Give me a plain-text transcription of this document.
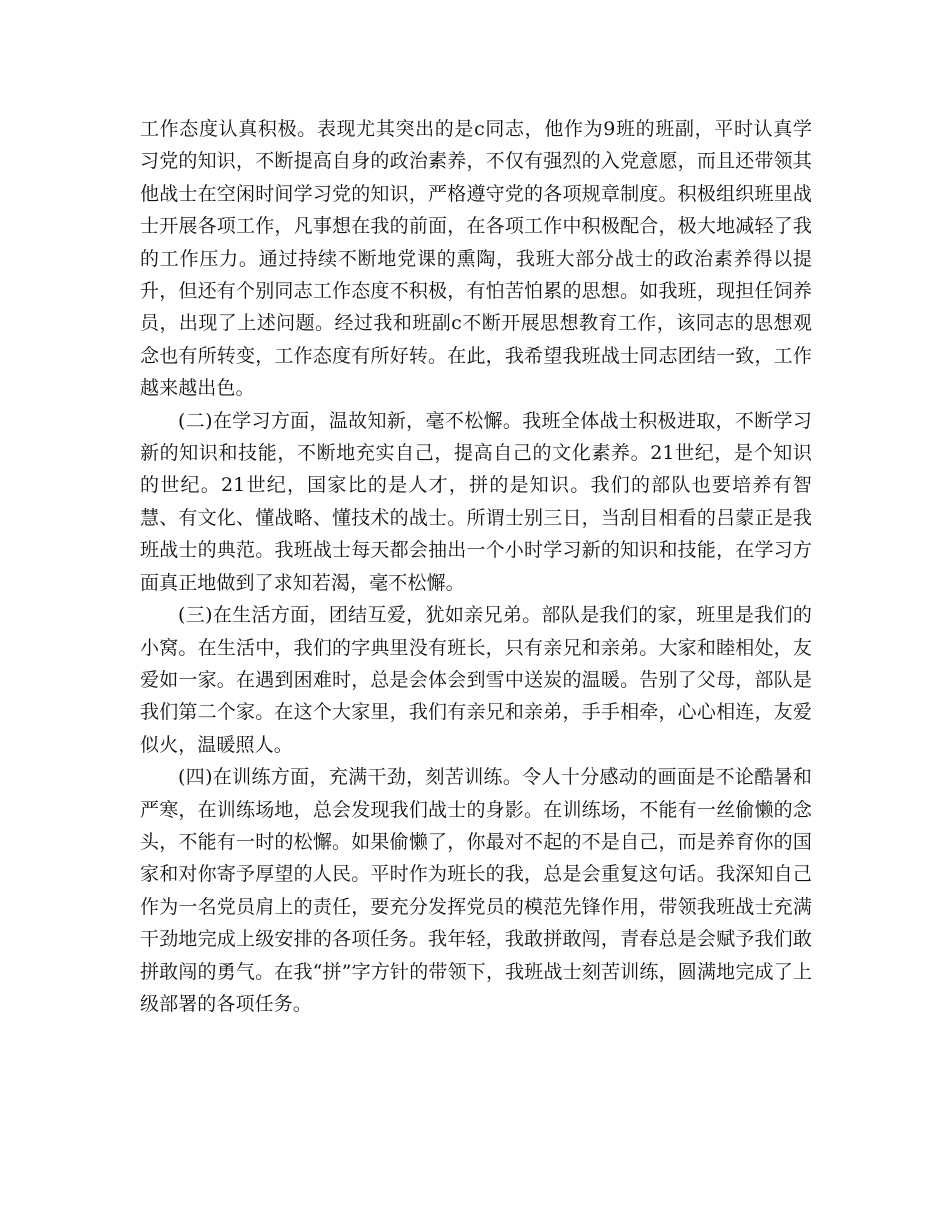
工作态度认真积极。表现尤其突出的是c同志，他作为9班的班副，平时认真学习党的知识，不断提高自身的政治素养，不仅有强烈的入党意愿，而且还带领其他战士在空闲时间学习党的知识，严格遵守党的各项规章制度。积极组织班里战士开展各项工作，凡事想在我的前面，在各项工作中积极配合，极大地减轻了我的工作压力。通过持续不断地党课的熏陶，我班大部分战士的政治素养得以提升，但还有个别同志工作态度不积极，有怕苦怕累的思想。如我班，现担任饲养员，出现了上述问题。经过我和班副c不断开展思想教育工作，该同志的思想观念也有所转变，工作态度有所好转。在此，我希望我班战士同志团结一致，工作越来越出色。

(二)在学习方面，温故知新，毫不松懈。我班全体战士积极进取，不断学习新的知识和技能，不断地充实自己，提高自己的文化素养。21世纪，是个知识的世纪。21世纪，国家比的是人才，拼的是知识。我们的部队也要培养有智慧、有文化、懂战略、懂技术的战士。所谓士别三日，当刮目相看的吕蒙正是我班战士的典范。我班战士每天都会抽出一个小时学习新的知识和技能，在学习方面真正地做到了求知若渴，毫不松懈。

(三)在生活方面，团结互爱，犹如亲兄弟。部队是我们的家，班里是我们的小窝。在生活中，我们的字典里没有班长，只有亲兄和亲弟。大家和睦相处，友爱如一家。在遇到困难时，总是会体会到雪中送炭的温暖。告别了父母，部队是我们第二个家。在这个大家里，我们有亲兄和亲弟，手手相牵，心心相连，友爱似火，温暖照人。

(四)在训练方面，充满干劲，刻苦训练。令人十分感动的画面是不论酷暑和严寒，在训练场地，总会发现我们战士的身影。在训练场，不能有一丝偷懒的念头，不能有一时的松懈。如果偷懒了，你最对不起的不是自己，而是养育你的国家和对你寄予厚望的人民。平时作为班长的我，总是会重复这句话。我深知自己作为一名党员肩上的责任，要充分发挥党员的模范先锋作用，带领我班战士充满干劲地完成上级安排的各项任务。我年轻，我敢拼敢闯，青春总是会赋予我们敢拼敢闯的勇气。在我“拼”字方针的带领下，我班战士刻苦训练，圆满地完成了上级部署的各项任务。
